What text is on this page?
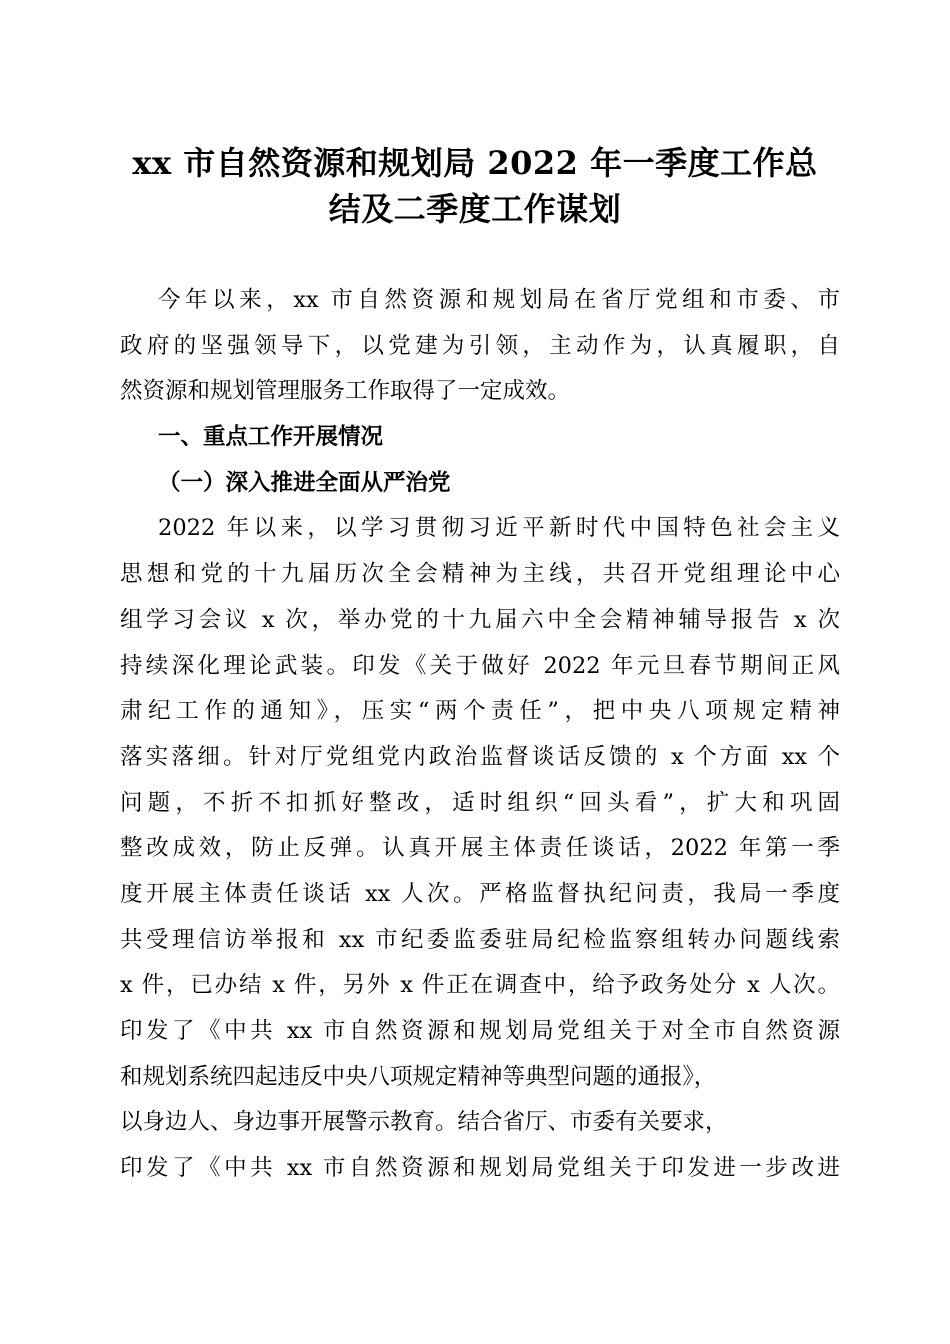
xx 市自然资源和规划局 2022 年一季度工作总
结及二季度工作谋划
今年以来，xx 市自然资源和规划局在省厅党组和市委、市
政府的坚强领导下，以党建为引领，主动作为，认真履职，自
然资源和规划管理服务工作取得了一定成效。
一、重点工作开展情况
（一）深入推进全面从严治党
2022 年以来，以学习贯彻习近平新时代中国特色社会主义
思想和党的十九届历次全会精神为主线，共召开党组理论中心
组学习会议 x 次，举办党的十九届六中全会精神辅导报告 x 次
持续深化理论武装。印发《关于做好 2022 年元旦春节期间正风
肃纪工作的通知》，压实“两个责任”，把中央八项规定精神
落实落细。针对厅党组党内政治监督谈话反馈的 x 个方面 xx 个
问题，不折不扣抓好整改，适时组织“回头看”，扩大和巩固
整改成效，防止反弹。认真开展主体责任谈话，2022 年第一季
度开展主体责任谈话 xx 人次。严格监督执纪问责，我局一季度
共受理信访举报和 xx 市纪委监委驻局纪检监察组转办问题线索
x 件，已办结 x 件，另外 x 件正在调查中，给予政务处分 x 人次。
印发了《中共 xx 市自然资源和规划局党组关于对全市自然资源
和规划系统四起违反中央八项规定精神等典型问题的通报》，
以身边人、身边事开展警示教育。结合省厅、市委有关要求，
印发了《中共 xx 市自然资源和规划局党组关于印发进一步改进
